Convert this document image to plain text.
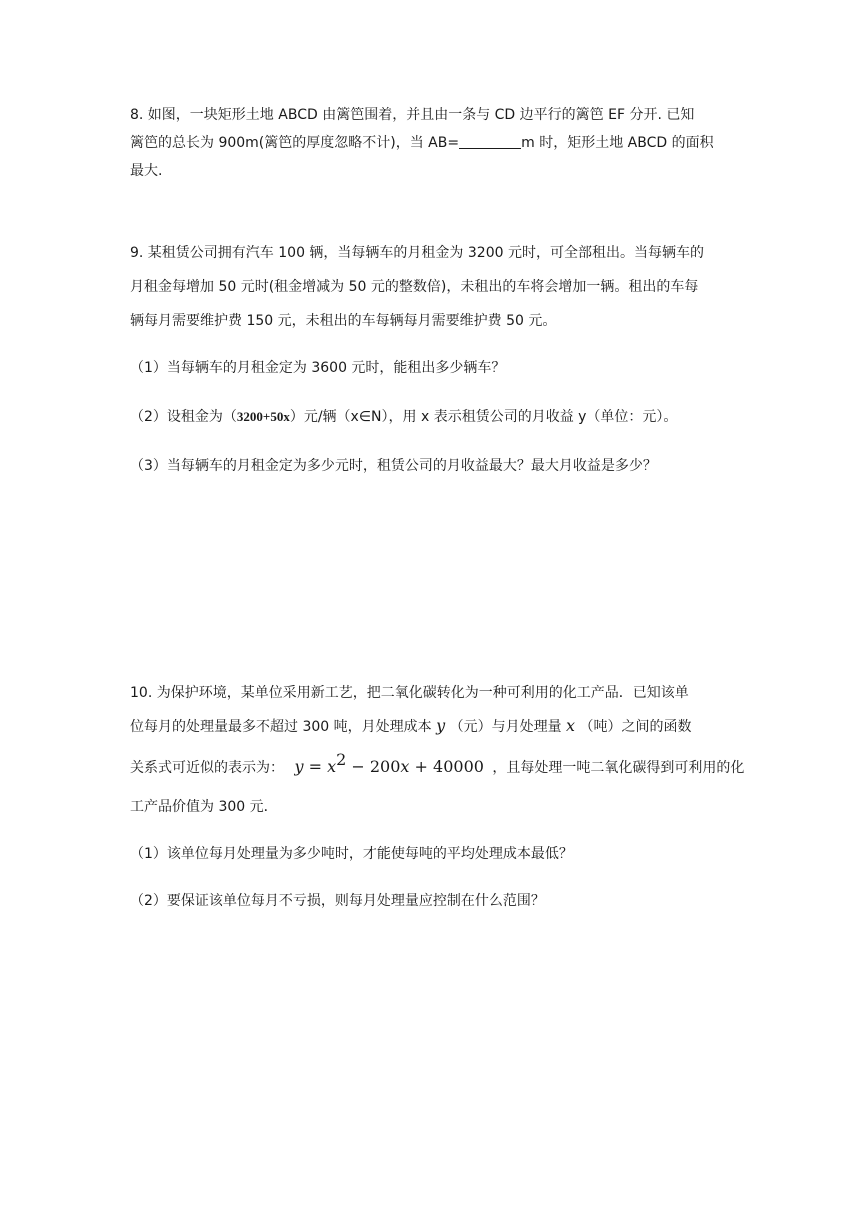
8. 如图，一块矩形土地 ABCD 由篱笆围着，并且由一条与 CD 边平行的篱笆 EF 分开. 已知
篱笆的总长为 900m(篱笆的厚度忽略不计)，当 AB=	m 时，矩形土地 ABCD 的面积
最大.
9. 某租赁公司拥有汽车 100 辆，当每辆车的月租金为 3200 元时，可全部租出。当每辆车的
月租金每增加 50 元时(租金增减为 50 元的整数倍)，未租出的车将会增加一辆。租出的车每
辆每月需要维护费 150 元，未租出的车每辆每月需要维护费 50 元。
（1）当每辆车的月租金定为 3600 元时，能租出多少辆车？
（2）设租金为（3200+50x）元/辆（x∈N），用 x 表示租赁公司的月收益 y（单位：元）。
（3）当每辆车的月租金定为多少元时，租赁公司的月收益最大？最大月收益是多少？
10. 为保护环境，某单位采用新工艺，把二氧化碳转化为一种可利用的化工产品．已知该单
位每月的处理量最多不超过 300 吨，月处理成本 y （元）与月处理量 x （吨）之间的函数
关系式可近似的表示为： $y = x^2 - 200x + 40000$ ，且每处理一吨二氧化碳得到可利用的化
工产品价值为 300 元．
（1）该单位每月处理量为多少吨时，才能使每吨的平均处理成本最低？
（2）要保证该单位每月不亏损，则每月处理量应控制在什么范围？
